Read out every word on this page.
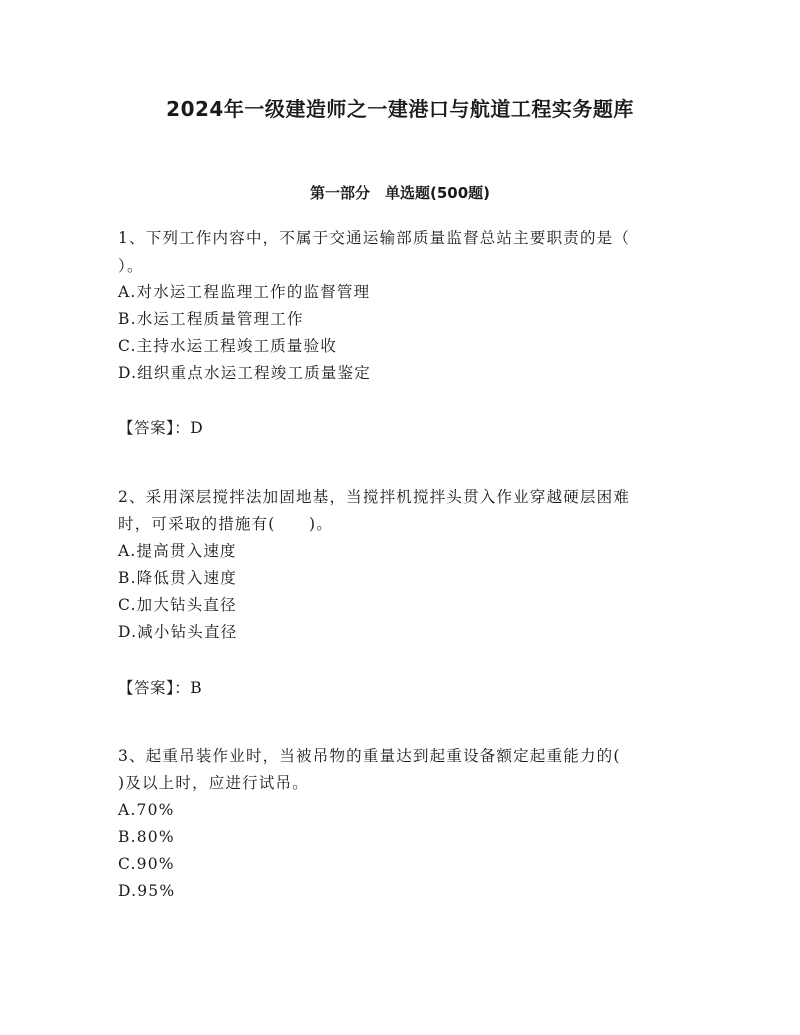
2024年一级建造师之一建港口与航道工程实务题库
第一部分　单选题(500题)
1、下列工作内容中，不属于交通运输部质量监督总站主要职责的是（
）。
A.对水运工程监理工作的监督管理
B.水运工程质量管理工作
C.主持水运工程竣工质量验收
D.组织重点水运工程竣工质量鉴定
【答案】：D
2、采用深层搅拌法加固地基，当搅拌机搅拌头贯入作业穿越硬层困难
时，可采取的措施有(　　)。
A.提高贯入速度
B.降低贯入速度
C.加大钻头直径
D.减小钻头直径
【答案】：B
3、起重吊装作业时，当被吊物的重量达到起重设备额定起重能力的(
)及以上时，应进行试吊。
A.70%
B.80%
C.90%
D.95%
